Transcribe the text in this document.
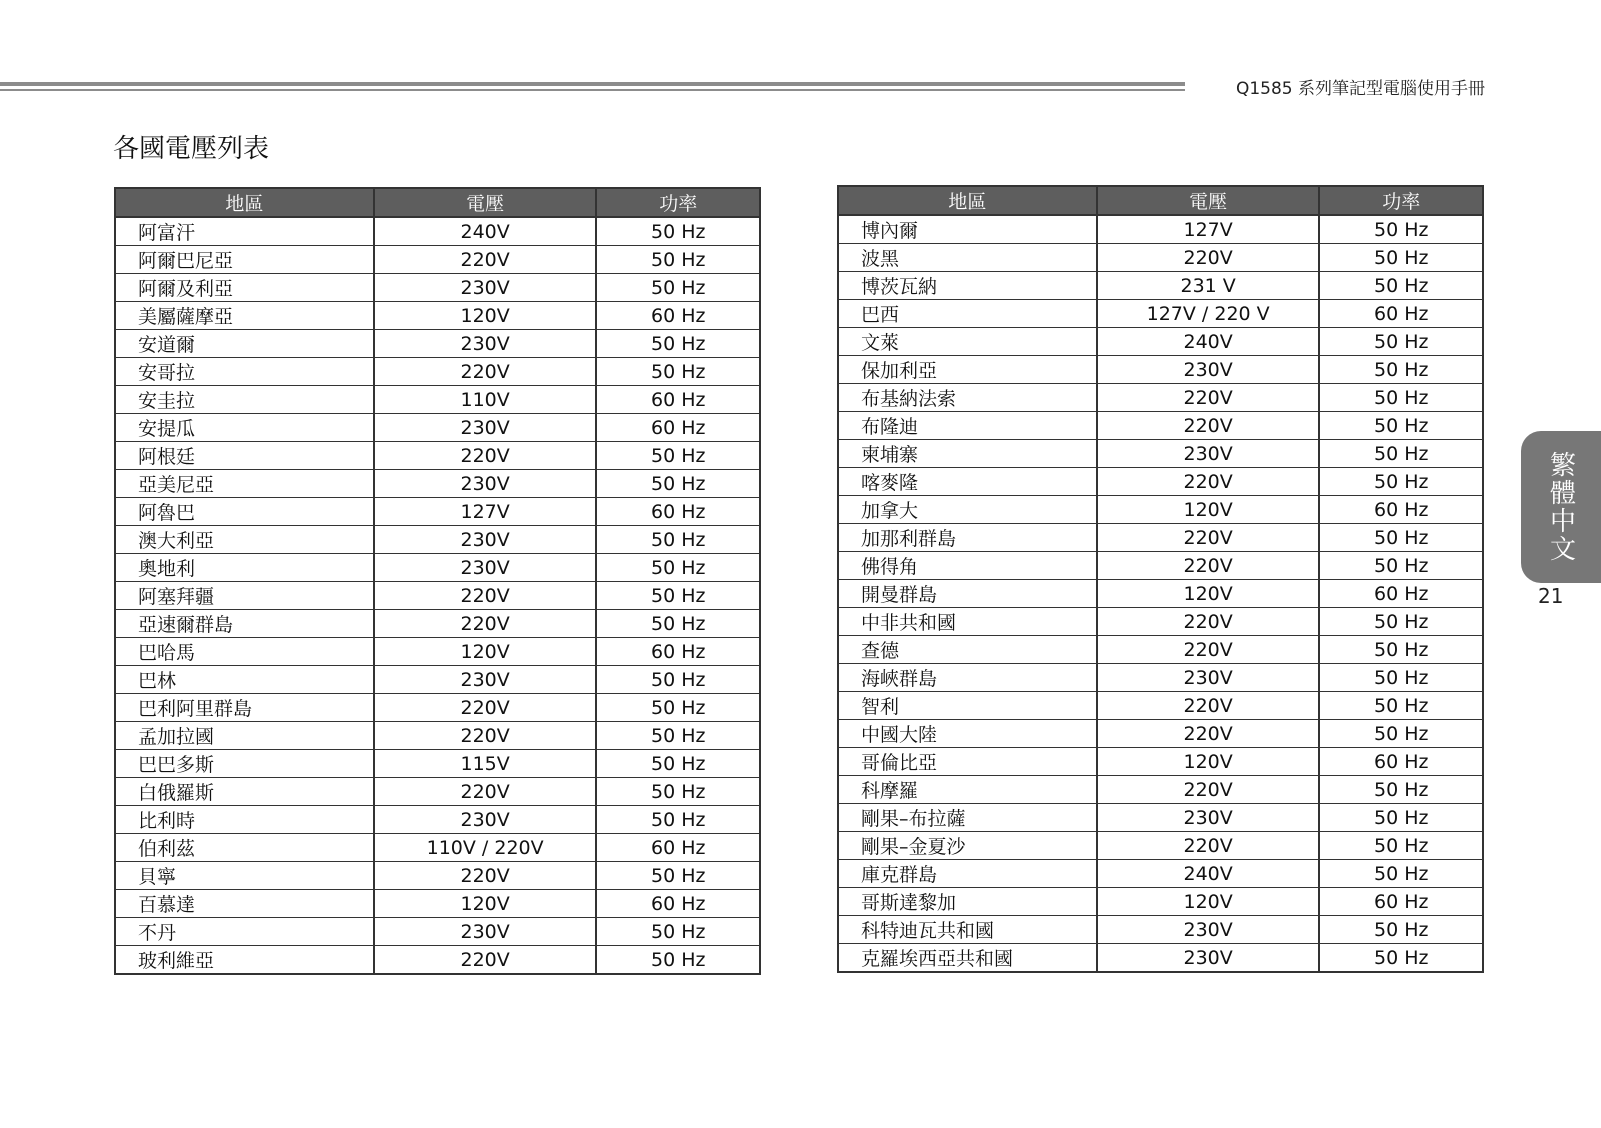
Q1585 系列筆記型電腦使用手冊
各國電壓列表
地區	電壓	功率
阿富汗	240V	50 Hz
阿爾巴尼亞	220V	50 Hz
阿爾及利亞	230V	50 Hz
美屬薩摩亞	120V	60 Hz
安道爾	230V	50 Hz
安哥拉	220V	50 Hz
安圭拉	110V	60 Hz
安提瓜	230V	60 Hz
阿根廷	220V	50 Hz
亞美尼亞	230V	50 Hz
阿魯巴	127V	60 Hz
澳大利亞	230V	50 Hz
奧地利	230V	50 Hz
阿塞拜疆	220V	50 Hz
亞速爾群島	220V	50 Hz
巴哈馬	120V	60 Hz
巴林	230V	50 Hz
巴利阿里群島	220V	50 Hz
孟加拉國	220V	50 Hz
巴巴多斯	115V	50 Hz
白俄羅斯	220V	50 Hz
比利時	230V	50 Hz
伯利茲	110V / 220V	60 Hz
貝寧	220V	50 Hz
百慕達	120V	60 Hz
不丹	230V	50 Hz
玻利維亞	220V	50 Hz
地區	電壓	功率
博內爾	127V	50 Hz
波黑	220V	50 Hz
博茨瓦納	231 V	50 Hz
巴西	127V / 220 V	60 Hz
文萊	240V	50 Hz
保加利亞	230V	50 Hz
布基納法索	220V	50 Hz
布隆迪	220V	50 Hz
柬埔寨	230V	50 Hz
喀麥隆	220V	50 Hz
加拿大	120V	60 Hz
加那利群島	220V	50 Hz
佛得角	220V	50 Hz
開曼群島	120V	60 Hz
中非共和國	220V	50 Hz
查德	220V	50 Hz
海峽群島	230V	50 Hz
智利	220V	50 Hz
中國大陸	220V	50 Hz
哥倫比亞	120V	60 Hz
科摩羅	220V	50 Hz
剛果–布拉薩	230V	50 Hz
剛果–金夏沙	220V	50 Hz
庫克群島	240V	50 Hz
哥斯達黎加	120V	60 Hz
科特迪瓦共和國	230V	50 Hz
克羅埃西亞共和國	230V	50 Hz
繁體中文
21
